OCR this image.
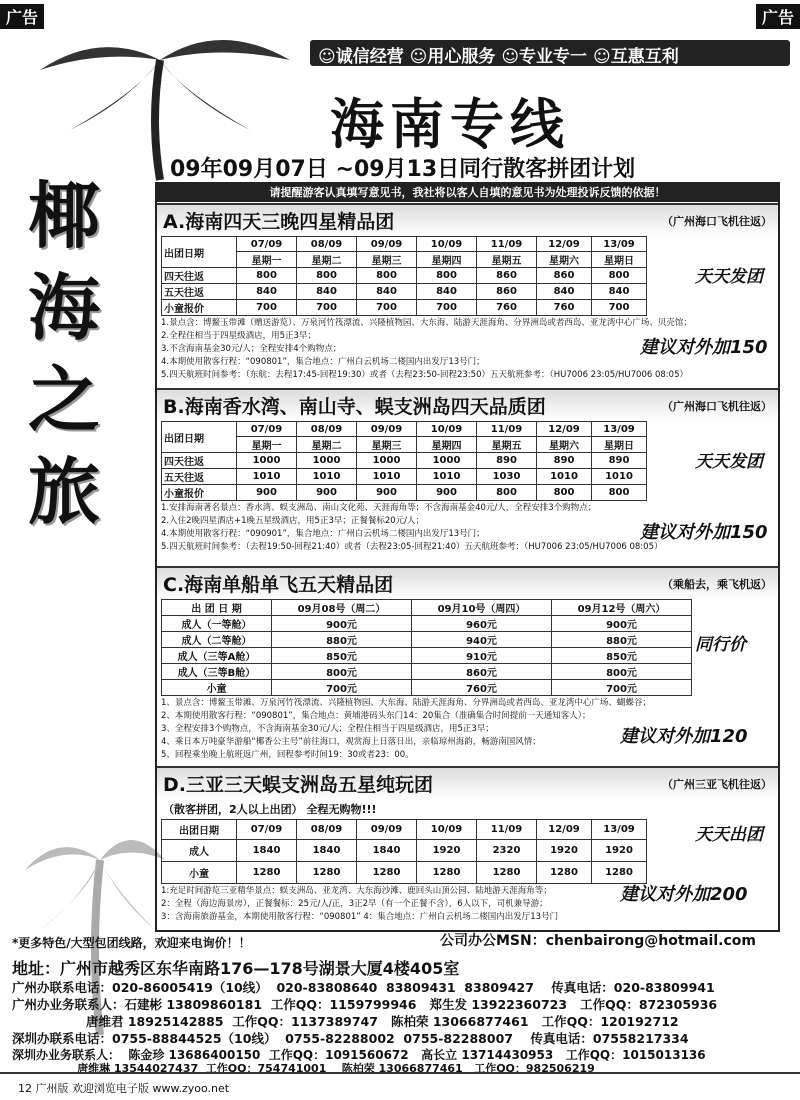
广告	广告
☺诚信经营 ☺用心服务 ☺专业专一 ☺互惠互利
海南专线
09年09月07日 ~09月13日同行散客拼团计划
椰
海
之
旅
请提醒游客认真填写意见书，我社将以客人自填的意见书为处理投诉反馈的依据！
A.海南四天三晚四星精品团	（广州海口飞机往返）
出团日期	07/09	08/09	09/09	10/09	11/09	12/09	13/09
	星期一	星期二	星期三	星期四	星期五	星期六	星期日
四天往返	800	800	800	800	860	860	800
五天往返	840	840	840	840	860	840	840
小童报价	700	700	700	700	760	760	700
1.景点含：博鳌玉带滩（赠送游览）、万泉河竹筏漂流、兴隆植物园、大东海、陆游天涯海角、分界洲岛或者西岛、亚龙湾中心广场、贝壳馆；
2.全程住相当于四星级酒店，用5正3早；
3.不含海南基金30元/人；全程安排4个购物点；
4.本期使用散客行程：“090801”，集合地点：广州白云机场二楼国内出发厅13号门；
5.四天航班时间参考：（东航：去程17:45-回程19:30）或者（去程23:50-回程23:50）五天航班参考：（HU7006 23:05/HU7006 08:05）
天天发团
建议对外加150
B.海南香水湾、南山寺、蜈支洲岛四天品质团	（广州海口飞机往返）
出团日期	07/09	08/09	09/09	10/09	11/09	12/09	13/09
	星期一	星期二	星期三	星期四	星期五	星期六	星期日
四天往返	1000	1000	1000	1000	890	890	890
五天往返	1010	1010	1010	1010	1030	1010	1010
小童报价	900	900	900	900	800	800	800
1.安排海南著名景点：香水湾、蜈支洲岛、南山文化苑、天涯海角等；不含海南基金40元/人，全程安排3个购物点；
2.入住2晚四星酒店+1晚五星级酒店，用5正3早；正餐餐标20元/人；
4.本期使用散客行程：“090901”，集合地点：广州白云机场二楼国内出发厅13号门；
5.四天航班时间参考：（去程19:50-回程21:40）或者（去程23:05-回程21:40）五天航班参考：（HU7006 23:05/HU7006 08:05）
天天发团
建议对外加150
C.海南单船单飞五天精品团	（乘船去，乘飞机返）
出 团 日 期	09月08号（周二）	09月10号（周四）	09月12号（周六）
成人（一等舱）	900元	960元	900元
成人（二等舱）	880元	940元	880元
成人（三等A舱）	850元	910元	850元
成人（三等B舱）	800元	860元	800元
小童	700元	760元	700元
1、景点含：博鳌玉带滩、万泉河竹筏漂流、兴隆植物园、大东海、陆游天涯海角、分界洲岛或者西岛、亚龙湾中心广场、蝴蝶谷；
2、本期使用散客行程：“090801”，集合地点：黄埔港码头东门14：20集合（准确集合时间提前一天通知客人）；
3、全程安排3个购物点，不含海南基金30元/人；全程住相当于四星级酒店，用5正3早；
4、乘日本万吨豪华游船“椰香公主号”前往海口，观赏海上日落日出，亲临琼州海韵，畅游南国风情；
5、回程乘坐晚上航班返广州，回程参考时间19：30或者23：00。
同行价
建议对外加120
D.三亚三天蜈支洲岛五星纯玩团	（广州三亚飞机往返）
（散客拼团，2人以上出团） 全程无购物!!!
出团日期	07/09	08/09	09/09	10/09	11/09	12/09	13/09
成人	1840	1840	1840	1920	2320	1920	1920
小童	1280	1280	1280	1280	1280	1280	1280
1:充足时间游览三亚精华景点：蜈支洲岛、亚龙湾、大东海沙滩、鹿回头山顶公园、陆地游天涯海角等；
2：全程（海边海景房），正餐餐标：25元/人/正，3正2早（有一个正餐不含），6人以下，司机兼导游；
3：含海南旅游基金，本期使用散客行程：“090801” 4：集合地点：广州白云机场二楼国内出发厅13号门
天天出团
建议对外加200
*更多特色/大型包团线路，欢迎来电询价！！	公司办公MSN：chenbairong@hotmail.com
地址：广州市越秀区东华南路176—178号湖景大厦4楼405室
广州办联系电话：020-86005419（10线）  020-83808640  83809431  83809427    传真电话：020-83809941
广州办业务联系人：石建彬 13809860181  工作QQ：1159799946   郑生发 13922360723   工作QQ：872305936
唐维君 18925142885  工作QQ：1137389747   陈柏荣 13066877461   工作QQ：120192712
深圳办联系电话：0755-88844525（10线）  0755-82288002  0755-82288007    传真电话：07558217334
深圳办业务联系人：  陈金珍 13686400150  工作QQ：1091560672   高长立 13714430953   工作QQ：1015013136
唐维琳 13544027437  工作QQ：754741001    陈柏荣 13066877461   工作QQ：982506219
12 广州版 欢迎浏览电子版 www.zyoo.net
